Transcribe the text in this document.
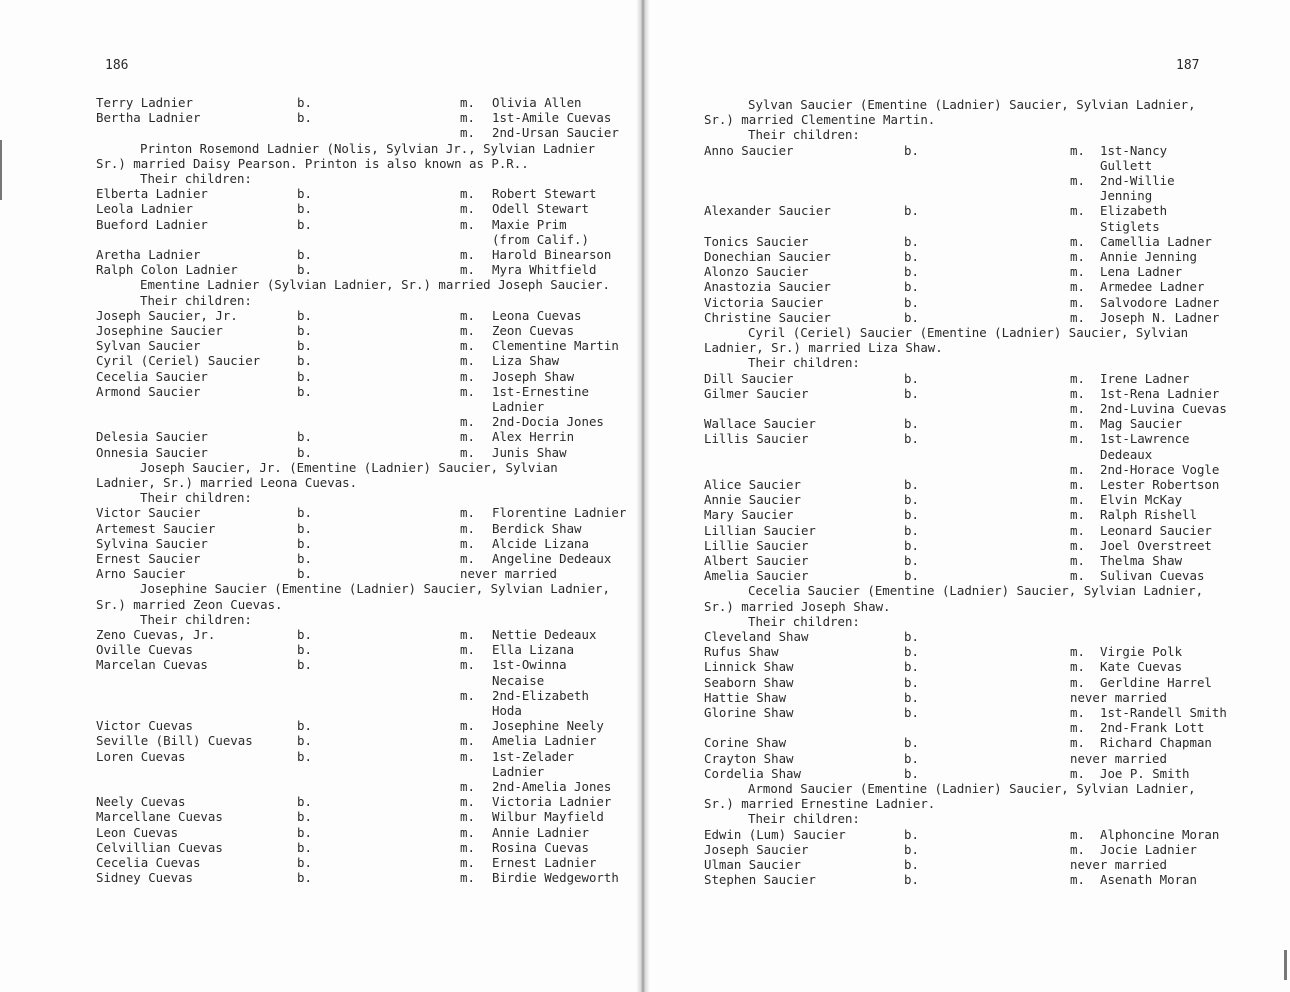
186
Terry Ladnier	b.	m. Olivia Allen
Bertha Ladnier	b.	m. 1st-Amile Cuevas
m. 2nd-Ursan Saucier
Printon Rosemond Ladnier (Nolis, Sylvian Jr., Sylvian Ladnier
Sr.) married Daisy Pearson. Printon is also known as P.R..
Their children:
Elberta Ladnier	b.	m. Robert Stewart
Leola Ladnier	b.	m. Odell Stewart
Bueford Ladnier	b.	m. Maxie Prim
(from Calif.)
Aretha Ladnier	b.	m. Harold Binearson
Ralph Colon Ladnier	b.	m. Myra Whitfield
Ementine Ladnier (Sylvian Ladnier, Sr.) married Joseph Saucier.
Their children:
Joseph Saucier, Jr.	b.	m. Leona Cuevas
Josephine Saucier	b.	m. Zeon Cuevas
Sylvan Saucier	b.	m. Clementine Martin
Cyril (Ceriel) Saucier	b.	m. Liza Shaw
Cecelia Saucier	b.	m. Joseph Shaw
Armond Saucier	b.	m. 1st-Ernestine
Ladnier
m. 2nd-Docia Jones
Delesia Saucier	b.	m. Alex Herrin
Onnesia Saucier	b.	m. Junis Shaw
Joseph Saucier, Jr. (Ementine (Ladnier) Saucier, Sylvian
Ladnier, Sr.) married Leona Cuevas.
Their children:
Victor Saucier	b.	m. Florentine Ladnier
Artemest Saucier	b.	m. Berdick Shaw
Sylvina Saucier	b.	m. Alcide Lizana
Ernest Saucier	b.	m. Angeline Dedeaux
Arno Saucier	b.	never married
Josephine Saucier (Ementine (Ladnier) Saucier, Sylvian Ladnier,
Sr.) married Zeon Cuevas.
Their children:
Zeno Cuevas, Jr.	b.	m. Nettie Dedeaux
Oville Cuevas	b.	m. Ella Lizana
Marcelan Cuevas	b.	m. 1st-Owinna
Necaise
m. 2nd-Elizabeth
Hoda
Victor Cuevas	b.	m. Josephine Neely
Seville (Bill) Cuevas	b.	m. Amelia Ladnier
Loren Cuevas	b.	m. 1st-Zelader
Ladnier
m. 2nd-Amelia Jones
Neely Cuevas	b.	m. Victoria Ladnier
Marcellane Cuevas	b.	m. Wilbur Mayfield
Leon Cuevas	b.	m. Annie Ladnier
Celvillian Cuevas	b.	m. Rosina Cuevas
Cecelia Cuevas	b.	m. Ernest Ladnier
Sidney Cuevas	b.	m. Birdie Wedgeworth
187
Sylvan Saucier (Ementine (Ladnier) Saucier, Sylvian Ladnier,
Sr.) married Clementine Martin.
Their children:
Anno Saucier	b.	m. 1st-Nancy
Gullett
m. 2nd-Willie
Jenning
Alexander Saucier	b.	m. Elizabeth
Stiglets
Tonics Saucier	b.	m. Camellia Ladner
Donechian Saucier	b.	m. Annie Jenning
Alonzo Saucier	b.	m. Lena Ladner
Anastozia Saucier	b.	m. Armedee Ladner
Victoria Saucier	b.	m. Salvodore Ladner
Christine Saucier	b.	m. Joseph N. Ladner
Cyril (Ceriel) Saucier (Ementine (Ladnier) Saucier, Sylvian
Ladnier, Sr.) married Liza Shaw.
Their children:
Dill Saucier	b.	m. Irene Ladner
Gilmer Saucier	b.	m. 1st-Rena Ladnier
m. 2nd-Luvina Cuevas
Wallace Saucier	b.	m. Mag Saucier
Lillis Saucier	b.	m. 1st-Lawrence
Dedeaux
m. 2nd-Horace Vogle
Alice Saucier	b.	m. Lester Robertson
Annie Saucier	b.	m. Elvin McKay
Mary Saucier	b.	m. Ralph Rishell
Lillian Saucier	b.	m. Leonard Saucier
Lillie Saucier	b.	m. Joel Overstreet
Albert Saucier	b.	m. Thelma Shaw
Amelia Saucier	b.	m. Sulivan Cuevas
Cecelia Saucier (Ementine (Ladnier) Saucier, Sylvian Ladnier,
Sr.) married Joseph Shaw.
Their children:
Cleveland Shaw	b.
Rufus Shaw	b.	m. Virgie Polk
Linnick Shaw	b.	m. Kate Cuevas
Seaborn Shaw	b.	m. Gerldine Harrel
Hattie Shaw	b.	never married
Glorine Shaw	b.	m. 1st-Randell Smith
m. 2nd-Frank Lott
Corine Shaw	b.	m. Richard Chapman
Crayton Shaw	b.	never married
Cordelia Shaw	b.	m. Joe P. Smith
Armond Saucier (Ementine (Ladnier) Saucier, Sylvian Ladnier,
Sr.) married Ernestine Ladnier.
Their children:
Edwin (Lum) Saucier	b.	m. Alphoncine Moran
Joseph Saucier	b.	m. Jocie Ladnier
Ulman Saucier	b.	never married
Stephen Saucier	b.	m. Asenath Moran
